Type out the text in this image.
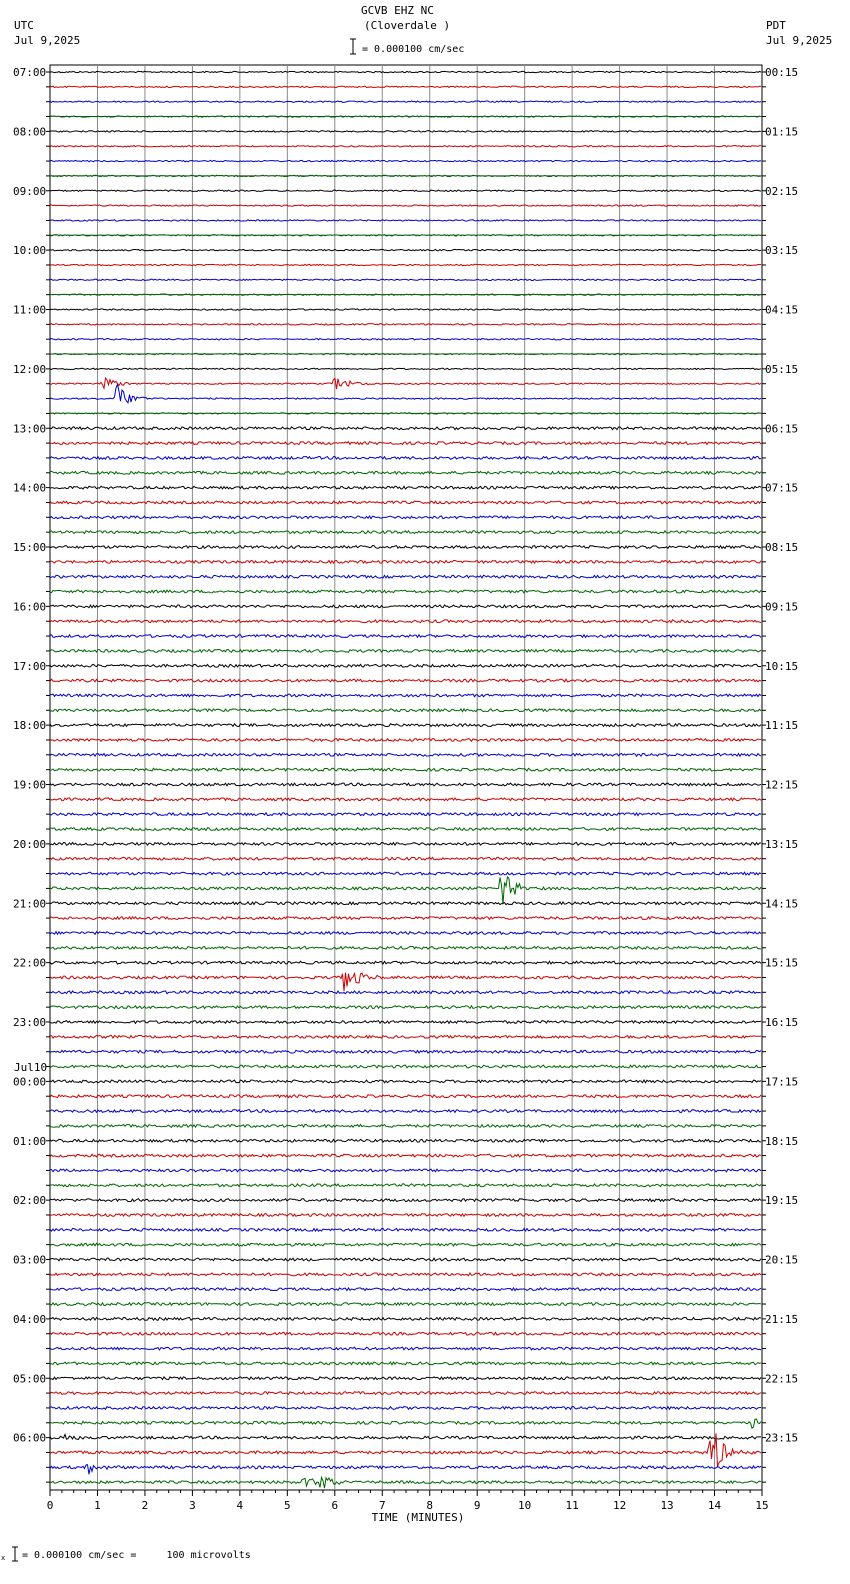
GCVB EHZ NC
(Cloverdale )
UTC
Jul 9,2025
PDT
Jul 9,2025
= 0.000100 cm/sec
Jul10
07:00	00:15
08:00	01:15
09:00	02:15
10:00	03:15
11:00	04:15
12:00	05:15
13:00	06:15
14:00	07:15
15:00	08:15
16:00	09:15
17:00	10:15
18:00	11:15
19:00	12:15
20:00	13:15
21:00	14:15
22:00	15:15
23:00	16:15
00:00	17:15
01:00	18:15
02:00	19:15
03:00	20:15
04:00	21:15
05:00	22:15
06:00	23:15
0	1	2	3	4	5	6	7	8	9	10	11	12	13	14	15
TIME (MINUTES)
x = 0.000100 cm/sec =     100 microvolts
